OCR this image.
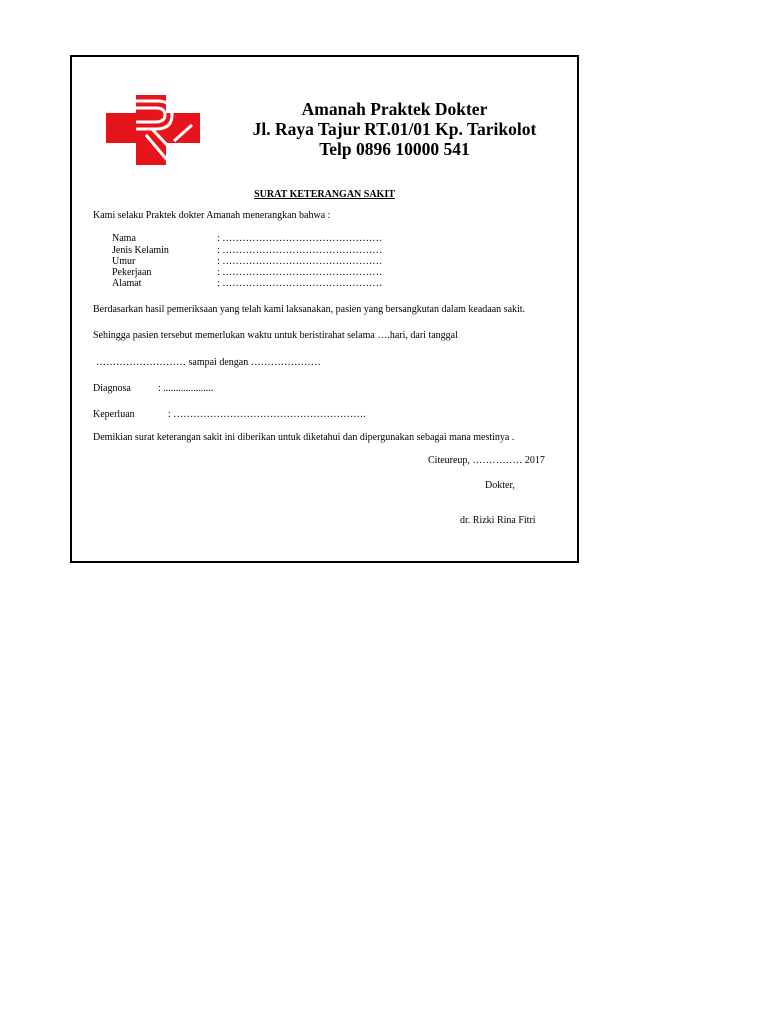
Amanah Praktek Dokter
Jl. Raya Tajur RT.01/01 Kp. Tarikolot
Telp 0896 10000 541
SURAT KETERANGAN SAKIT
Kami selaku Praktek dokter Amanah menerangkan bahwa :
Nama	: …………………………………………
Jenis Kelamin	: …………………………………………
Umur	: …………………………………………
Pekerjaan	: …………………………………………
Alamat	: …………………………………………
Berdasarkan hasil pemeriksaan yang telah kami laksanakan, pasien yang bersangkutan dalam keadaan sakit.
Sehingga pasien tersebut memerlukan waktu untuk beristirahat selama ….hari, dari tanggal
……………………… sampai dengan …………………
Diagnosa	: ....................
Keperluan	: ………………………………………………….
Demikian surat keterangan sakit ini diberikan untuk diketahui dan dipergunakan sebagai mana mestinya .
Citeureup, …………… 2017
Dokter,
dr. Rizki Rina Fitri
